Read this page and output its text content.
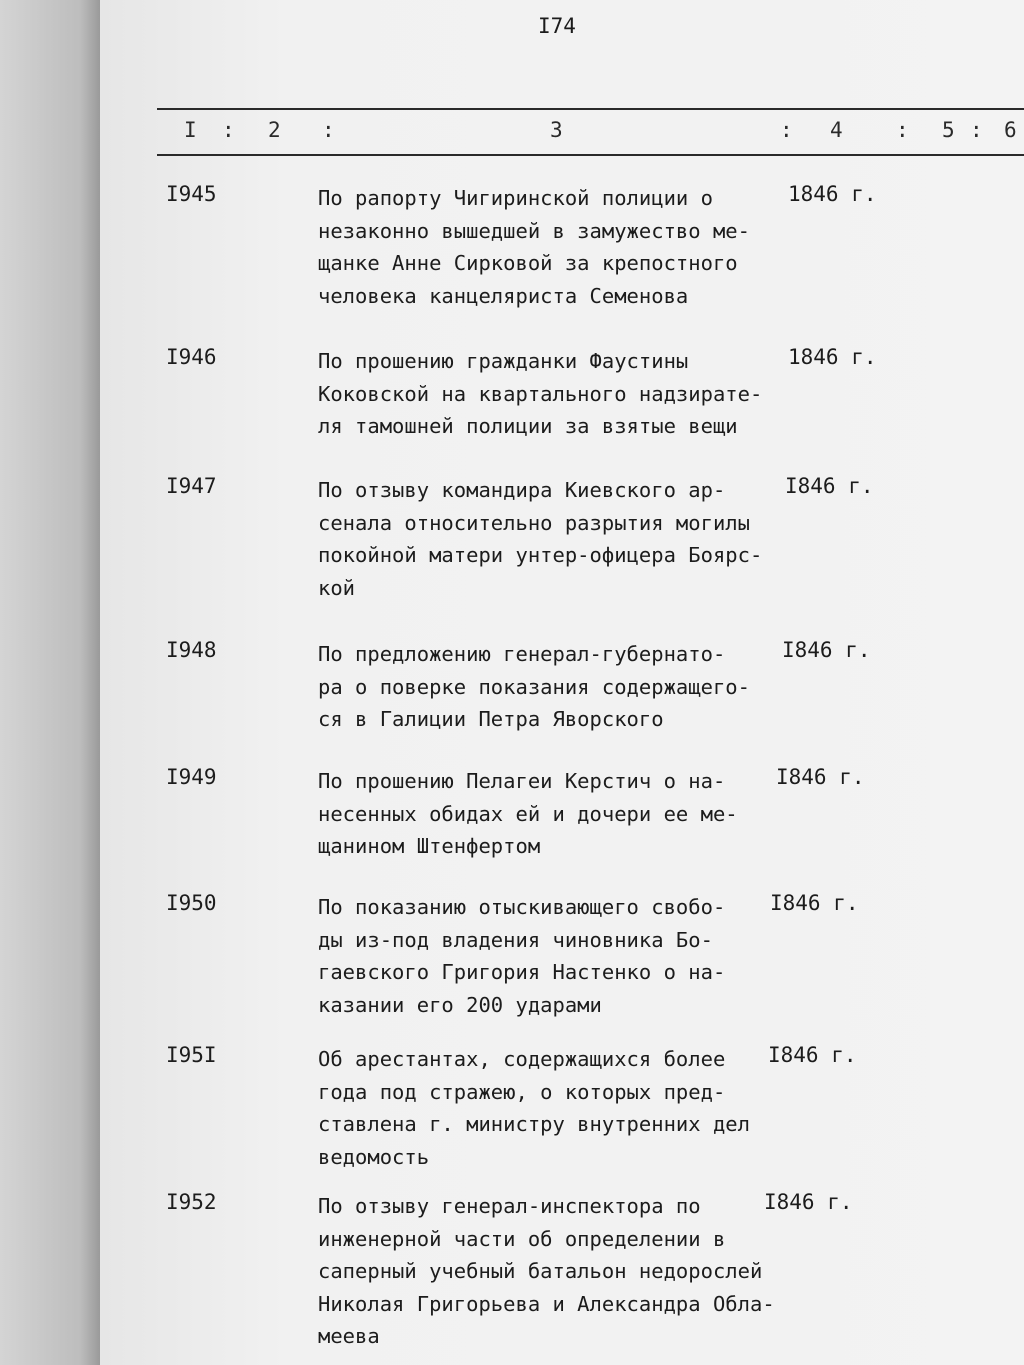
I74
I : 2 :	3	: 4	: 5 : 6
I945	По рапорту Чигиринской полиции о
незаконно вышедшей в замужество ме-
щанке Анне Сирковой за крепостного
человека канцеляриста Семенова
1846 г.
I946	По прошению гражданки Фаустины
Коковской на квартального надзирате-
ля тамошней полиции за взятые вещи
1846 г.
I947	По отзыву командира Киевского ар-
сенала относительно разрытия могилы
покойной матери унтер-офицера Боярс-
кой
I846 г.
I948	По предложению генерал-губернато-
ра о поверке показания содержащего-
ся в Галиции Петра Яворского
I846 г.
I949	По прошению Пелагеи Керстич о на-
несенных обидах ей и дочери ее ме-
щанином Штенфертом
I846 г.
I950	По показанию отыскивающего свобо-
ды из-под владения чиновника Бо-
гаевского Григория Настенко о на-
казании его 200 ударами
I846 г.
I95I	Об арестантах, содержащихся более
года под стражею, о которых пред-
ставлена г. министру внутренних дел
ведомость
I846 г.
I952	По отзыву генерал-инспектора по
инженерной части об определении в
саперный учебный батальон недорослей
Николая Григорьева и Александра Облa-
меева
I846 г.
